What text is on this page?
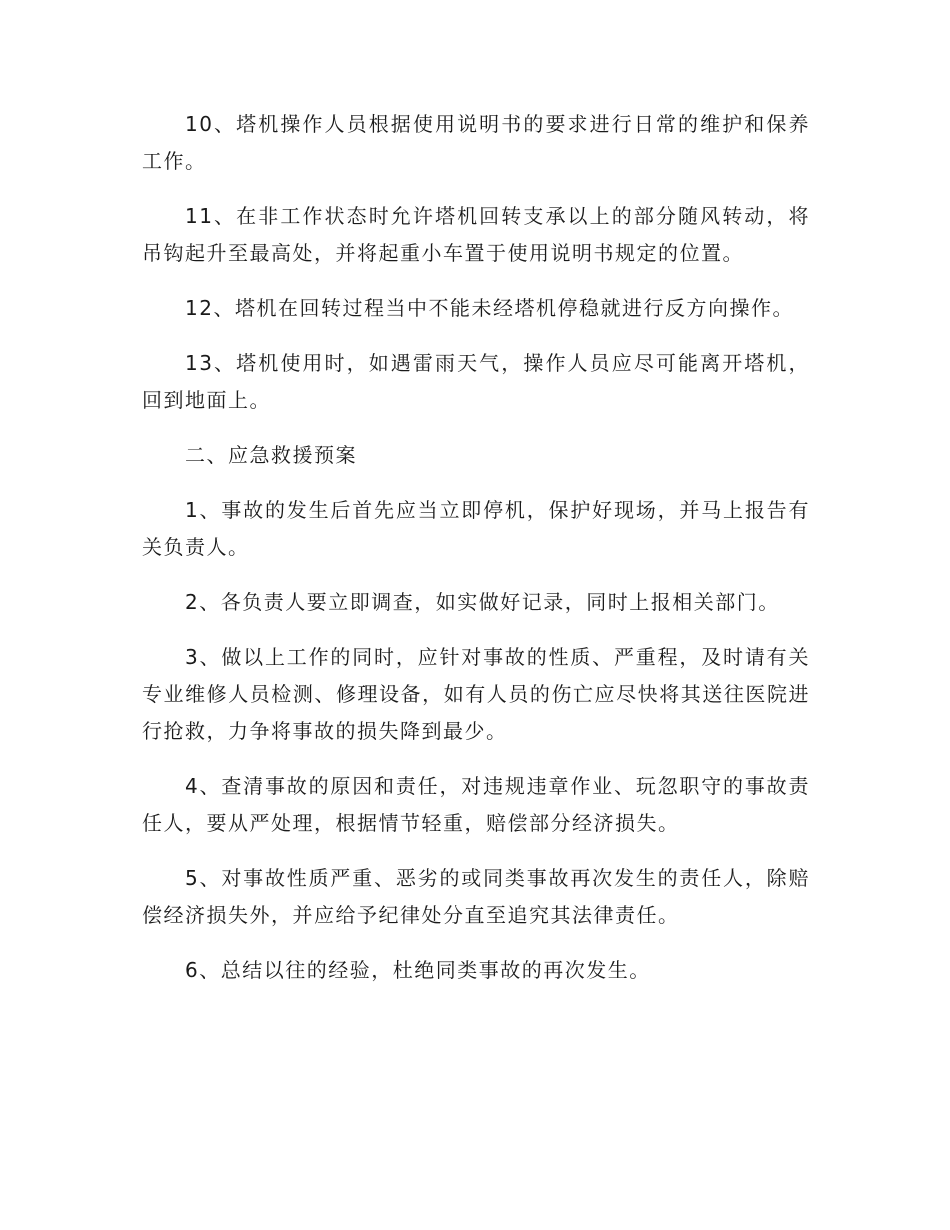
10、塔机操作人员根据使用说明书的要求进行日常的维护和保养工作。

11、在非工作状态时允许塔机回转支承以上的部分随风转动，将吊钩起升至最高处，并将起重小车置于使用说明书规定的位置。

12、塔机在回转过程当中不能未经塔机停稳就进行反方向操作。

13、塔机使用时，如遇雷雨天气，操作人员应尽可能离开塔机，回到地面上。

二、应急救援预案

1、事故的发生后首先应当立即停机，保护好现场，并马上报告有关负责人。

2、各负责人要立即调查，如实做好记录，同时上报相关部门。

3、做以上工作的同时，应针对事故的性质、严重程，及时请有关专业维修人员检测、修理设备，如有人员的伤亡应尽快将其送往医院进行抢救，力争将事故的损失降到最少。

4、查清事故的原因和责任，对违规违章作业、玩忽职守的事故责任人，要从严处理，根据情节轻重，赔偿部分经济损失。

5、对事故性质严重、恶劣的或同类事故再次发生的责任人，除赔偿经济损失外，并应给予纪律处分直至追究其法律责任。

6、总结以往的经验，杜绝同类事故的再次发生。
